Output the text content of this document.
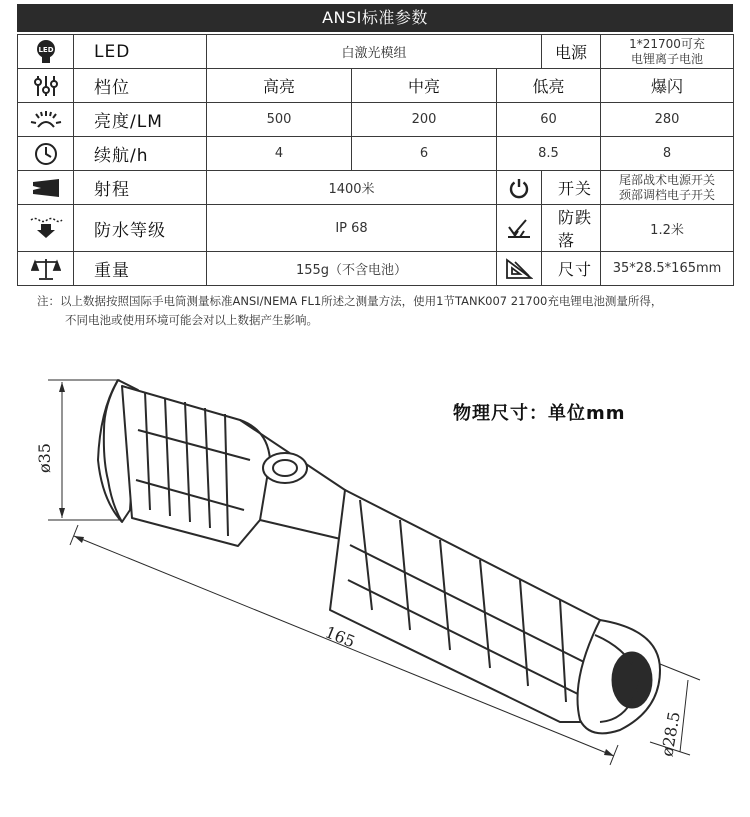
ANSI标准参数
LED	LED	白激光模组			电源	1*21700可充
电锂离子电池

	档位	高亮	中亮	低亮		爆闪

	亮度/LM	500	200	60		280

	续航/h	4	6	8.5		8

	射程	1400米			开关	尾部战术电源开关
颈部调档电子开关

	防水等级	IP 68			防跌落	1.2米

	重量	155g（不含电池）			尺寸	35*28.5*165mm
注：以上数据按照国际手电筒测量标准ANSI/NEMA FL1所述之测量方法，使用1节TANK007 21700充电锂电池测量所得，
不同电池或使用环境可能会对以上数据产生影响。
物理尺寸：单位mm
ø35
165
ø28.5
